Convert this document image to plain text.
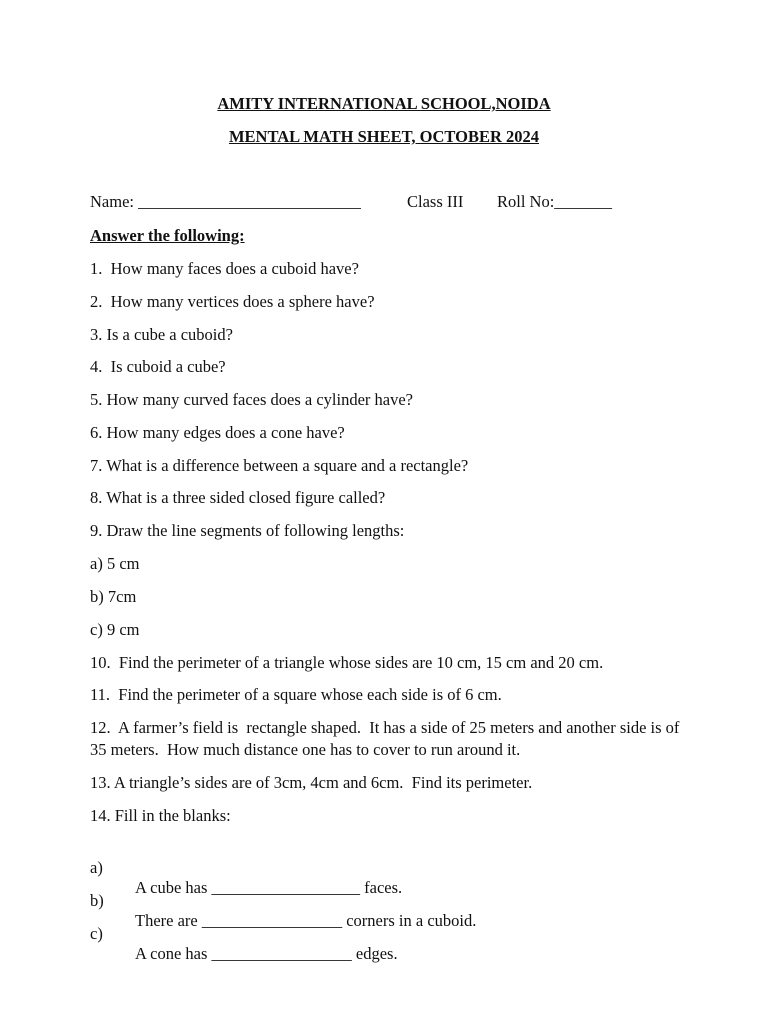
AMITY INTERNATIONAL SCHOOL,NOIDA
MENTAL MATH SHEET, OCTOBER 2024

Name: ___________________________

	Class III

Roll No:_______

Answer the following:
1.  How many faces does a cuboid have?
2.  How many vertices does a sphere have?
3. Is a cube a cuboid?
4.  Is cuboid a cube?
5. How many curved faces does a cylinder have?
6. How many edges does a cone have?
7. What is a difference between a square and a rectangle?
8. What is a three sided closed figure called?
9. Draw the line segments of following lengths:
a) 5 cm
b) 7cm
c) 9 cm
10.  Find the perimeter of a triangle whose sides are 10 cm, 15 cm and 20 cm.
11.  Find the perimeter of a square whose each side is of 6 cm.
12.  A farmer’s field is  rectangle shaped.  It has a side of 25 meters and another side is of 35 meters.  How much distance one has to cover to run around it.
13. A triangle’s sides are of 3cm, 4cm and 6cm.  Find its perimeter.
14. Fill in the blanks:

a)

A cube has __________________ faces.

b)

There are _________________ corners in a cuboid.

c)

A cone has _________________ edges.
